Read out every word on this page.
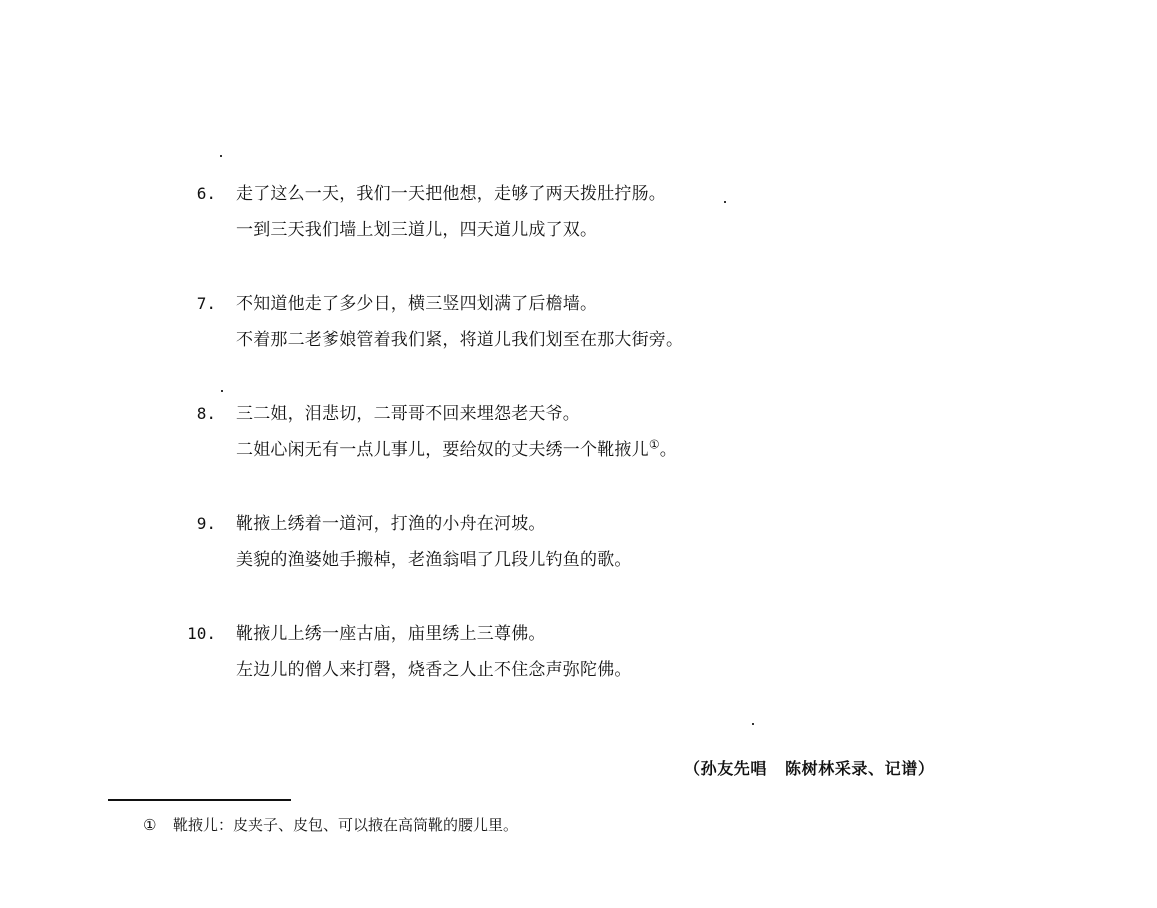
6. 走了这么一天，我们一天把他想，走够了两天拨肚拧肠。
一到三天我们墙上划三道儿，四天道儿成了双。
7. 不知道他走了多少日，横三竖四划满了后檐墙。
不着那二老爹娘管着我们紧，将道儿我们划至在那大街旁。
8. 三二姐，泪悲切，二哥哥不回来埋怨老天爷。
二姐心闲无有一点儿事儿，要给奴的丈夫绣一个靴掖儿①。
9. 靴掖上绣着一道河，打渔的小舟在河坡。
美貌的渔婆她手搬棹，老渔翁唱了几段儿钓鱼的歌。
10. 靴掖儿上绣一座古庙，庙里绣上三尊佛。
左边儿的僧人来打磬，烧香之人止不住念声弥陀佛。
（孙友先唱 陈树林采录、记谱）
① 靴掖儿：皮夹子、皮包、可以掖在高筒靴的腰儿里。
